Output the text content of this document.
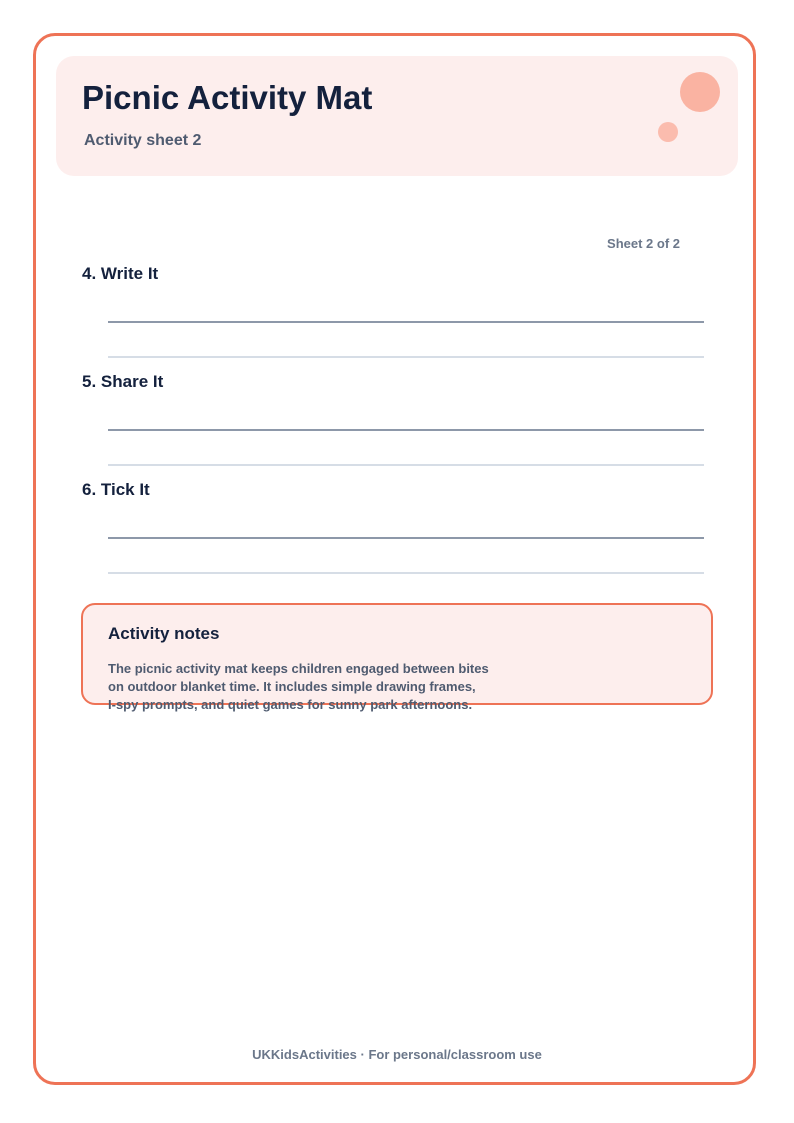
Picnic Activity Mat
Activity sheet 2
Sheet 2 of 2
4. Write It
5. Share It
6. Tick It
Activity notes
The picnic activity mat keeps children engaged between bites
on outdoor blanket time. It includes simple drawing frames,
I-spy prompts, and quiet games for sunny park afternoons.
UKKidsActivities · For personal/classroom use
